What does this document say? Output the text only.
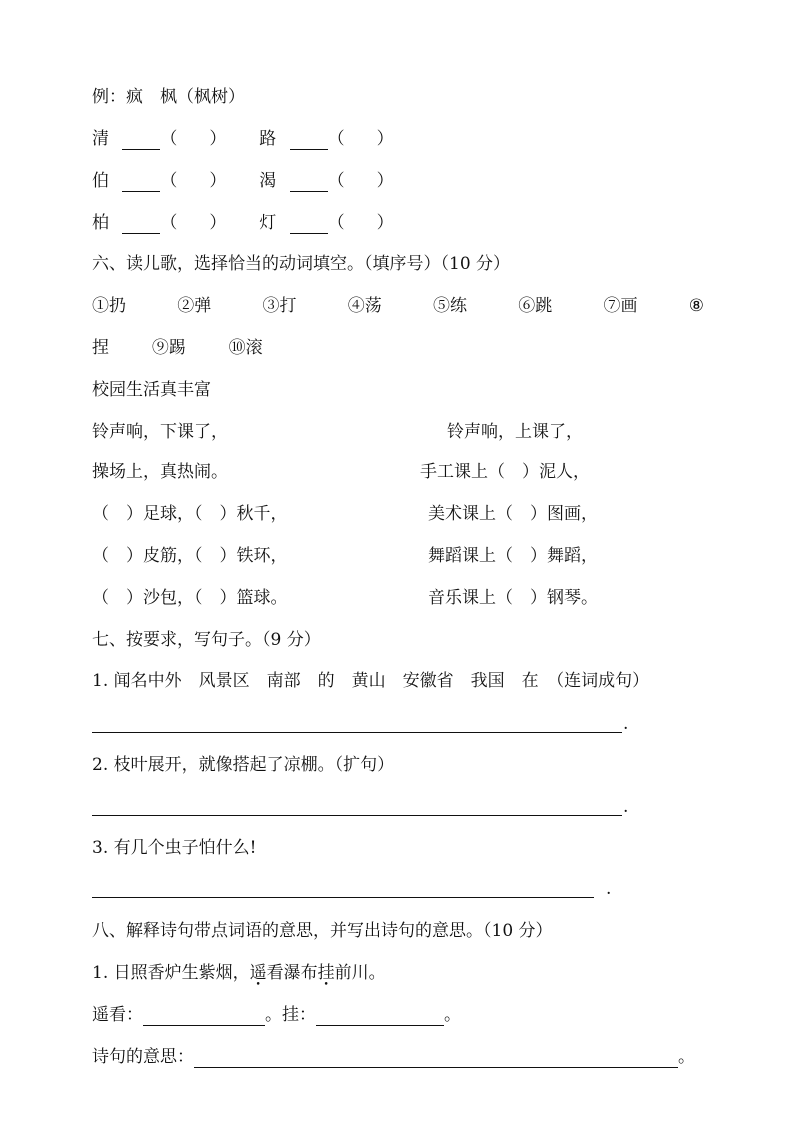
例：疯　枫（枫树）
清	（ ） 路	（ ）
伯	（ ） 渴	（ ）
柏	（ ） 灯	（ ）
六、读儿歌，选择恰当的动词填空。（填序号）（10 分）
①扔	②弹	③打	④荡	⑤练	⑥跳	⑦画	⑧
捏	⑨踢	⑩滚
校园生活真丰富
铃声响，下课了，
操场上，真热闹。
（　）足球，（　）秋千，
（　）皮筋，（　）铁环，
（　）沙包，（　）篮球。
铃声响，上课了，
手工课上（　）泥人，
美术课上（　）图画，
舞蹈课上（　）舞蹈，
音乐课上（　）钢琴。
七、按要求，写句子。（9 分）
1. 闻名中外　风景区　南部　的　黄山　安徽省　我国　在　（连词成句）
.
2. 枝叶展开，就像搭起了凉棚。（扩句）
.
3. 有几个虫子怕什么!
.
八、解释诗句带点词语的意思，并写出诗句的意思。（10 分）
1. 日照香炉生紫烟，遥看瀑布挂前川。
遥看：	。挂：	。
诗句的意思：	。
